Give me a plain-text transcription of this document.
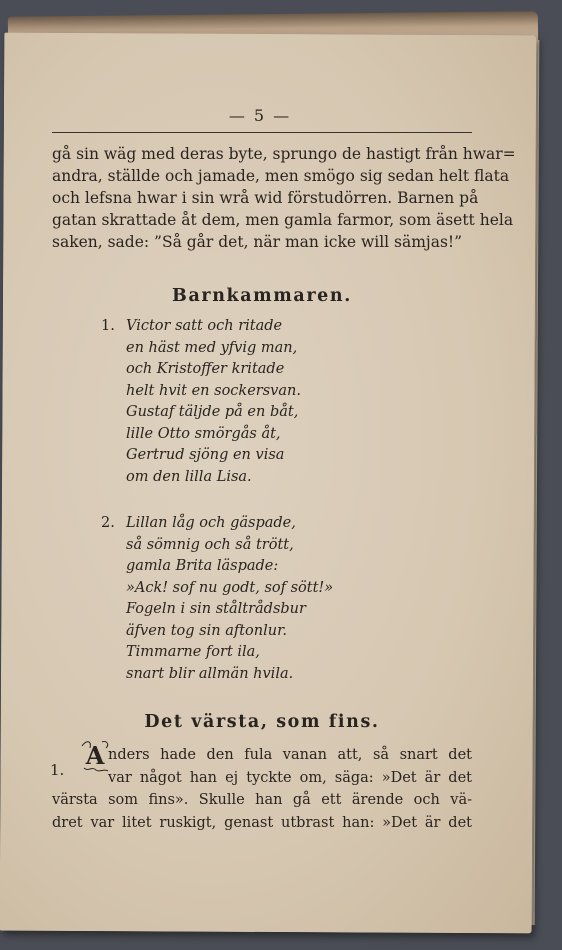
— 5 —
gå sin wäg med deras byte, sprungo de hastigt från hwar=
andra, ställde och jamade, men smögo sig sedan helt flata
och lefsna hwar i sin wrå wid förstudörren. Barnen på
gatan skrattade åt dem, men gamla farmor, som äsett hela
saken, sade: ”Så går det, när man icke will sämjas!”
Barnkammaren.
1. Victor satt och ritade
en häst med yfvig man,
och Kristoffer kritade
helt hvit en sockersvan.
Gustaf täljde på en båt,
lille Otto smörgås åt,
Gertrud sjöng en visa
om den lilla Lisa.
2. Lillan låg och gäspade,
så sömnig och så trött,
gamla Brita läspade:
»Ack! sof nu godt, sof sött!»
Fogeln i sin ståltrådsbur
äfven tog sin aftonlur.
Timmarne fort ila,
snart blir allmän hvila.
Det värsta, som fins.
1. A nders hade den fula vanan att, så snart det
var något han ej tyckte om, säga: »Det är det
värsta som fins». Skulle han gå ett ärende och vä-
dret var litet ruskigt, genast utbrast han: »Det är det
